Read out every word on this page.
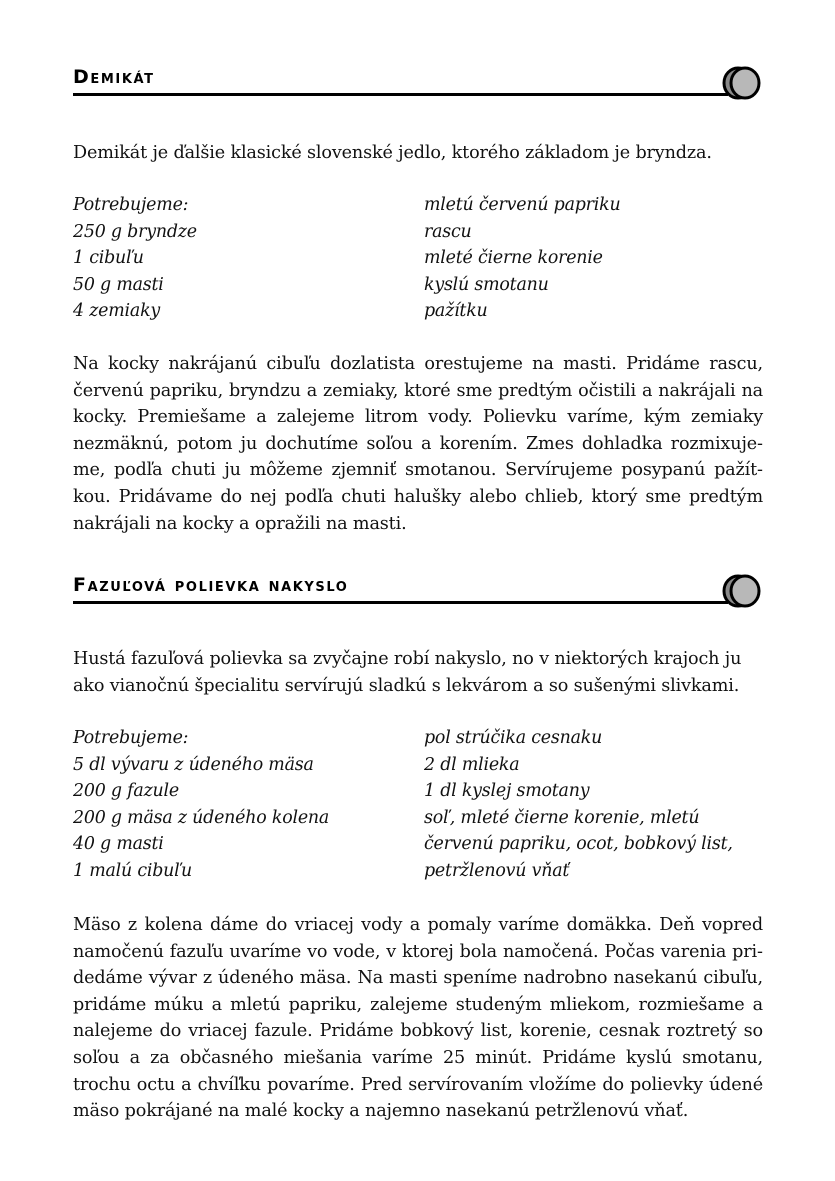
Demikát

Demikát je ďalšie klasické slovenské jedlo, ktorého základom je bryndza.

Potrebujeme:
250 g bryndze
1 cibuľu
50 g masti
4 zemiaky
mletú červenú papriku
rascu
mleté čierne korenie
kyslú smotanu
pažítku

Na kocky nakrájanú cibuľu dozlatista orestujeme na masti. Pridáme rascu, červenú papriku, bryndzu a zemiaky, ktoré sme predtým očistili a nakrájali na kocky. Premiešame a zalejeme litrom vody. Polievku varíme, kým zemiaky nezmäknú, potom ju dochutíme soľou a korením. Zmes dohladka rozmixujeme, podľa chuti ju môžeme zjemniť smotanou. Servírujeme posypanú pažítkou. Pridávame do nej podľa chuti halušky alebo chlieb, ktorý sme predtým nakrájali na kocky a opražili na masti.

Fazuľová polievka nakyslo

Hustá fazuľová polievka sa zvyčajne robí nakyslo, no v niektorých krajoch ju

ako vianočnú špecialitu servírujú sladkú s lekvárom a so sušenými slivkami.

Potrebujeme:
5 dl vývaru z údeného mäsa
200 g fazule
200 g mäsa z údeného kolena
40 g masti
1 malú cibuľu
pol strúčika cesnaku
2 dl mlieka
1 dl kyslej smotany
soľ, mleté čierne korenie, mletú
červenú papriku, ocot, bobkový list,
petržlenovú vňať

Mäso z kolena dáme do vriacej vody a pomaly varíme domäkka. Deň vopred namočenú fazuľu uvaríme vo vode, v ktorej bola namočená. Počas varenia pridedáme vývar z údeného mäsa. Na masti speníme nadrobno nasekanú cibuľu, pridáme múku a mletú papriku, zalejeme studeným mliekom, rozmiešame a nalejeme do vriacej fazule. Pridáme bobkový list, korenie, cesnak roztretý so soľou a za občasného miešania varíme 25 minút. Pridáme kyslú smotanu, trochu octu a chvíľku povaríme. Pred servírovaním vložíme do polievky údené mäso pokrájané na malé kocky a najemno nasekanú petržlenovú vňať.
